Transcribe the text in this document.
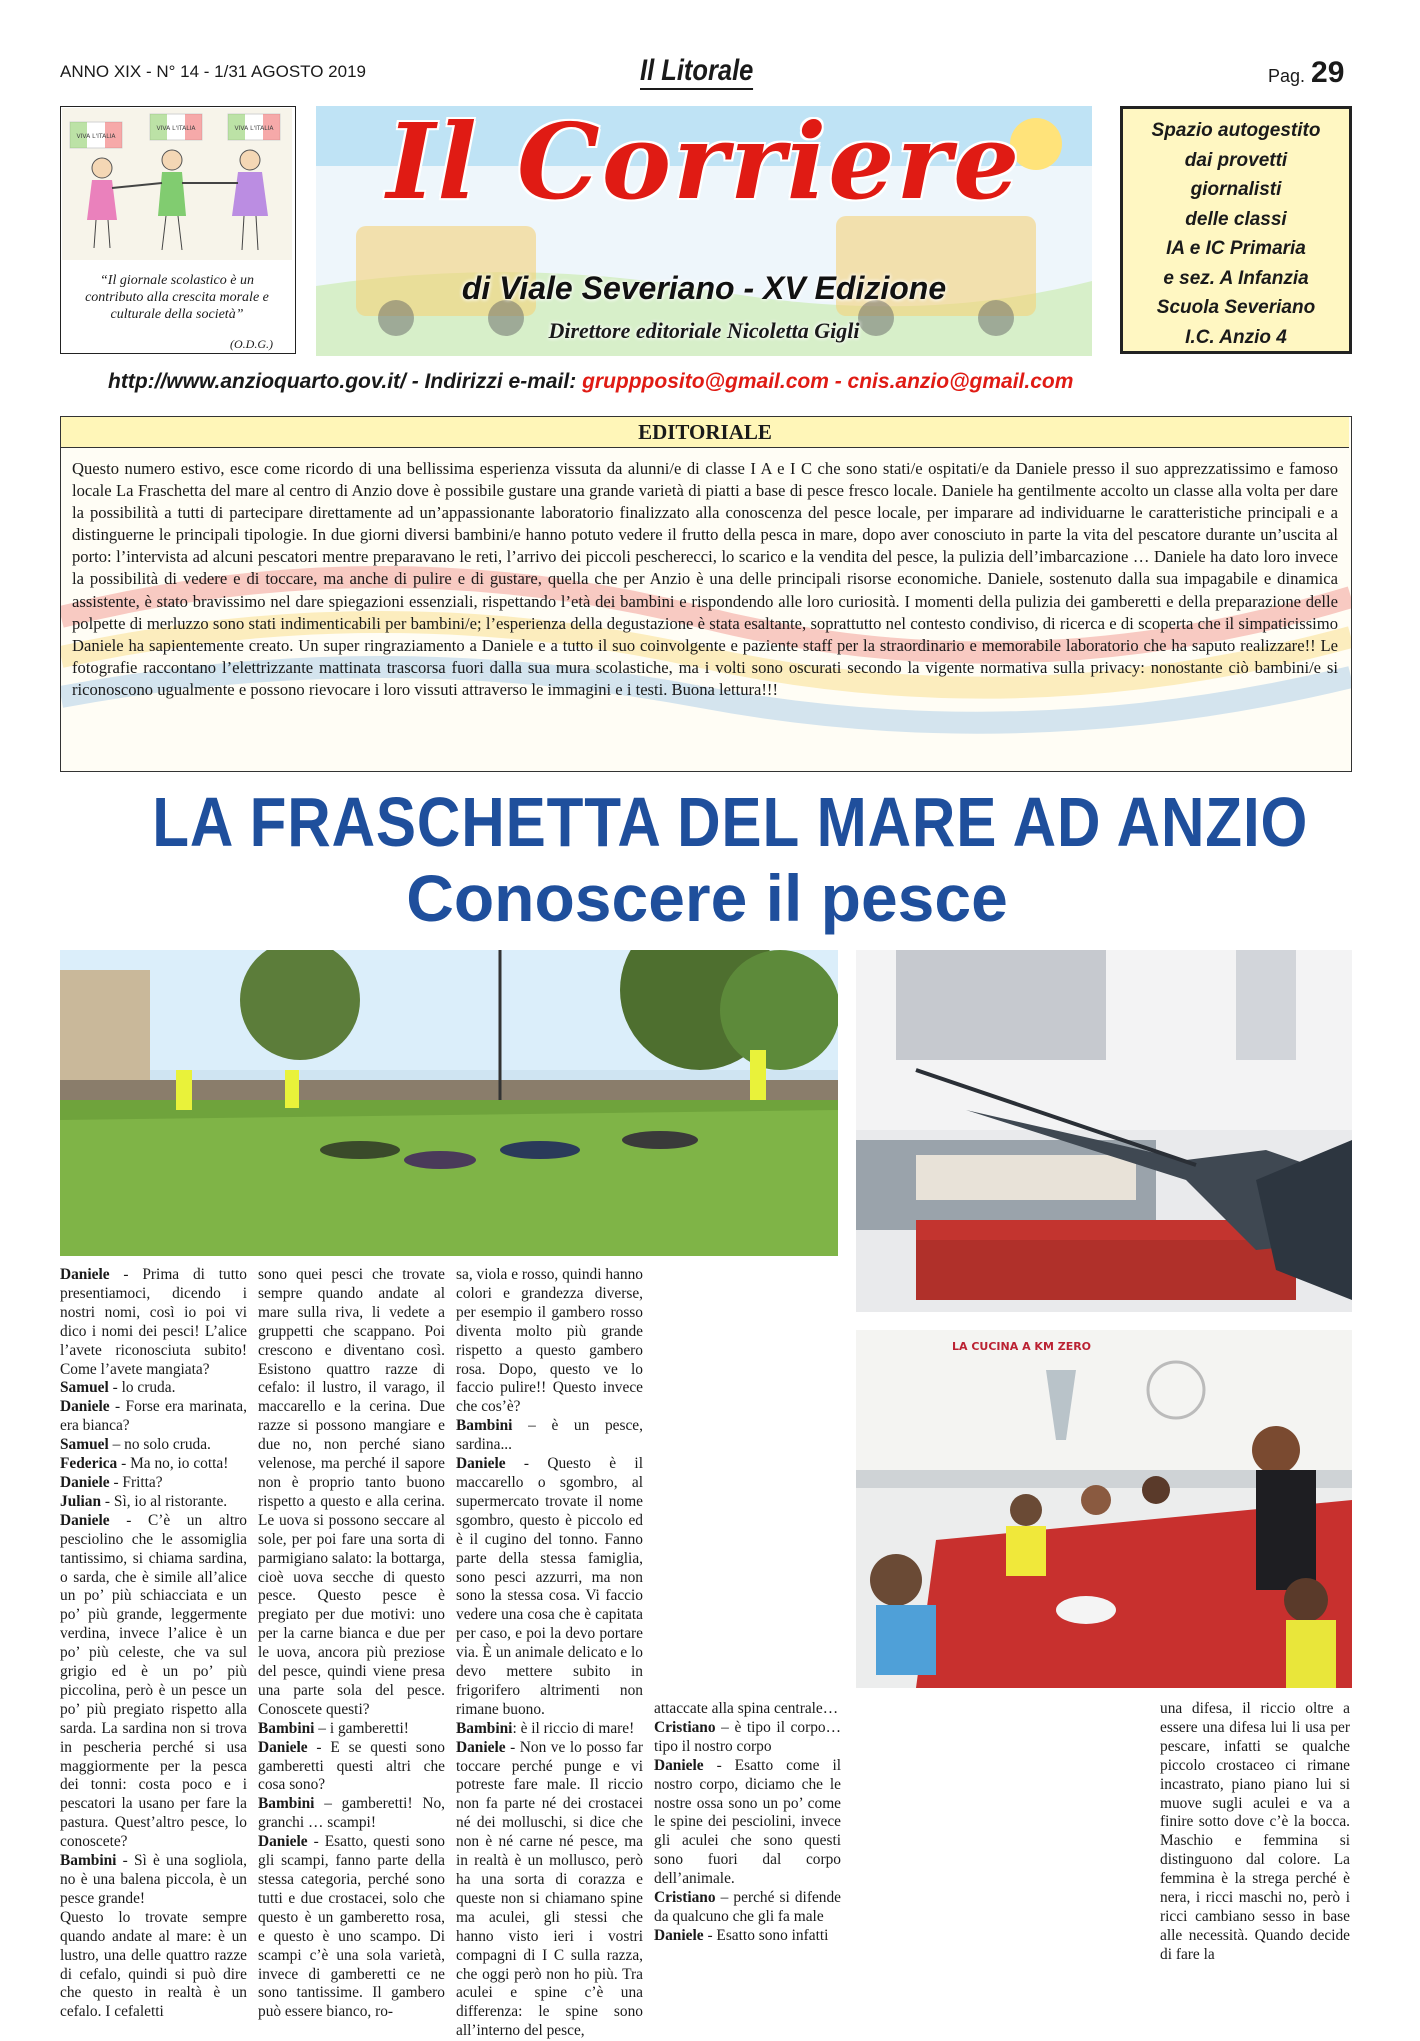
ANNO XIX - N° 14 - 1/31 AGOSTO 2019	Il Litorale	Pag. 29
VIVA L'ITALIA
VIVA L'ITALIA	VIVA L'ITALIA
“Il giornale scolastico è un contributo alla crescita morale e culturale della società”
(O.D.G.)
Il Corriere
di Viale Severiano - XV Edizione
Direttore editoriale Nicoletta Gigli
Spazio autogestito
dai provetti
giornalisti
delle classi
IA e IC Primaria
e sez. A Infanzia
Scuola Severiano
I.C. Anzio 4
http://www.anzioquarto.gov.it/ - Indirizzi e-mail: gruppposito@gmail.com - cnis.anzio@gmail.com
EDITORIALE
Questo numero estivo, esce come ricordo di una bellissima esperienza vissuta da alunni/e di classe I A e I C che sono stati/e ospitati/e da Daniele presso il suo apprezzatissimo e famoso locale La Fraschetta del mare al centro di Anzio dove è possibile gustare una grande varietà di piatti a base di pesce fresco locale. Daniele ha gentilmente accolto un classe alla volta per dare la possibilità a tutti di partecipare direttamente ad un’appassionante laboratorio finalizzato alla conoscenza del pesce locale, per imparare ad individuarne le caratteristiche principali e a distinguerne le principali tipologie. In due giorni diversi bambini/e hanno potuto vedere il frutto della pesca in mare, dopo aver conosciuto in parte la vita del pescatore durante un’uscita al porto: l’intervista ad alcuni pescatori mentre preparavano le reti, l’arrivo dei piccoli pescherecci, lo scarico e la vendita del pesce, la pulizia dell’imbarcazione … Daniele ha dato loro invece la possibilità di vedere e di toccare, ma anche di pulire e di gustare, quella che per Anzio è una delle principali risorse economiche. Daniele, sostenuto dalla sua impagabile e dinamica assistente, è stato bravissimo nel dare spiegazioni essenziali, rispettando l’età dei bambini e rispondendo alle loro curiosità. I momenti della pulizia dei gamberetti e della preparazione delle polpette di merluzzo sono stati indimenticabili per bambini/e; l’esperienza della degustazione è stata esaltante, soprattutto nel contesto condiviso, di ricerca e di scoperta che il simpaticissimo Daniele ha sapientemente creato. Un super ringraziamento a Daniele e a tutto il suo coinvolgente e paziente staff per la straordinario e memorabile laboratorio che ha saputo realizzare!! Le fotografie raccontano l’elettrizzante mattinata trascorsa fuori dalla sua mura scolastiche, ma i volti sono oscurati secondo la vigente normativa sulla privacy: nonostante ciò bambini/e si riconoscono ugualmente e possono rievocare i loro vissuti attraverso le immagini e i testi. Buona lettura!!!
LA FRASCHETTA DEL MARE AD ANZIO
Conoscere il pesce
LA CUCINA A KM ZERO

Daniele - Prima di tutto presentiamoci, dicendo i nostri nomi, così io poi vi dico i nomi dei pesci! L’alice l’avete riconosciuta subito! Come l’avete mangiata?

Samuel - lo cruda.

Daniele - Forse era marinata, era bianca?

Samuel – no solo cruda.

Federica - Ma no, io cotta!

Daniele - Fritta?

Julian - Sì, io al ristorante.

Daniele - C’è un altro pesciolino che le assomiglia tantissimo, si chiama sardina, o sarda, che è simile all’alice un po’ più schiacciata e un po’ più grande, leggermente verdina, invece l’alice è un po’ più celeste, che va sul grigio ed è un po’ più piccolina, però è un pesce un po’ più pregiato rispetto alla sarda. La sardina non si trova in pescheria perché si usa maggiormente per la pesca dei tonni: costa poco e i pescatori la usano per fare la pastura. Quest’altro pesce, lo conoscete?

Bambini - Sì è una sogliola, no è una balena piccola, è un pesce grande!

Questo lo trovate sempre quando andate al mare: è un lustro, una delle quattro razze di cefalo, quindi si può dire che questo in realtà è un cefalo. I cefaletti

sono quei pesci che trovate sempre quando andate al mare sulla riva, li vedete a gruppetti che scappano. Poi crescono e diventano così. Esistono quattro razze di cefalo: il lustro, il varago, il maccarello e la cerina. Due razze si possono mangiare e due no, non perché siano velenose, ma perché il sapore non è proprio tanto buono rispetto a questo e alla cerina. Le uova si possono seccare al sole, per poi fare una sorta di parmigiano salato: la bottarga, cioè uova secche di questo pesce. Questo pesce è pregiato per due motivi: uno per la carne bianca e due per le uova, ancora più preziose del pesce, quindi viene presa una parte sola del pesce. Conoscete questi?

Bambini – i gamberetti!

Daniele - E se questi sono gamberetti questi altri che cosa sono?

Bambini – gamberetti! No, granchi … scampi!

Daniele - Esatto, questi sono gli scampi, fanno parte della stessa categoria, perché sono tutti e due crostacei, solo che questo è un gamberetto rosa, e questo è uno scampo. Di scampi c’è una sola varietà, invece di gamberetti ce ne sono tantissime. Il gambero può essere bianco, ro-

sa, viola e rosso, quindi hanno colori e grandezza diverse, per esempio il gambero rosso diventa molto più grande rispetto a questo gambero rosa. Dopo, questo ve lo faccio pulire!! Questo invece che cos’è?

Bambini – è un pesce, sardina...

Daniele - Questo è il maccarello o sgombro, al supermercato trovate il nome sgombro, questo è piccolo ed è il cugino del tonno. Fanno parte della stessa famiglia, sono pesci azzurri, ma non sono la stessa cosa. Vi faccio vedere una cosa che è capitata per caso, e poi la devo portare via. È un animale delicato e lo devo mettere subito in frigorifero altrimenti non rimane buono.

Bambini: è il riccio di mare!

Daniele - Non ve lo posso far toccare perché punge e vi potreste fare male. Il riccio non fa parte né dei crostacei né dei molluschi, si dice che non è né carne né pesce, ma in realtà è un mollusco, però ha una sorta di corazza e queste non si chiamano spine ma aculei, gli stessi che hanno visto ieri i vostri compagni di I C sulla razza, che oggi però non ho più. Tra aculei e spine c’è una differenza: le spine sono all’interno del pesce,

attaccate alla spina centrale…

Cristiano – è tipo il corpo… tipo il nostro corpo

Daniele - Esatto come il nostro corpo, diciamo che le nostre ossa sono un po’ come le spine dei pesciolini, invece gli aculei che sono questi sono fuori dal corpo dell’animale.

Cristiano – perché si difende da qualcuno che gli fa male

Daniele - Esatto sono infatti

una difesa, il riccio oltre a essere una difesa lui li usa per pescare, infatti se qualche piccolo crostaceo ci rimane incastrato, piano piano lui si muove sugli aculei e va a finire sotto dove c’è la bocca. Maschio e femmina si distinguono dal colore. La femmina è la strega perché è nera, i ricci maschi no, però i ricci cambiano sesso in base alle necessità. Quando decide di fare la
